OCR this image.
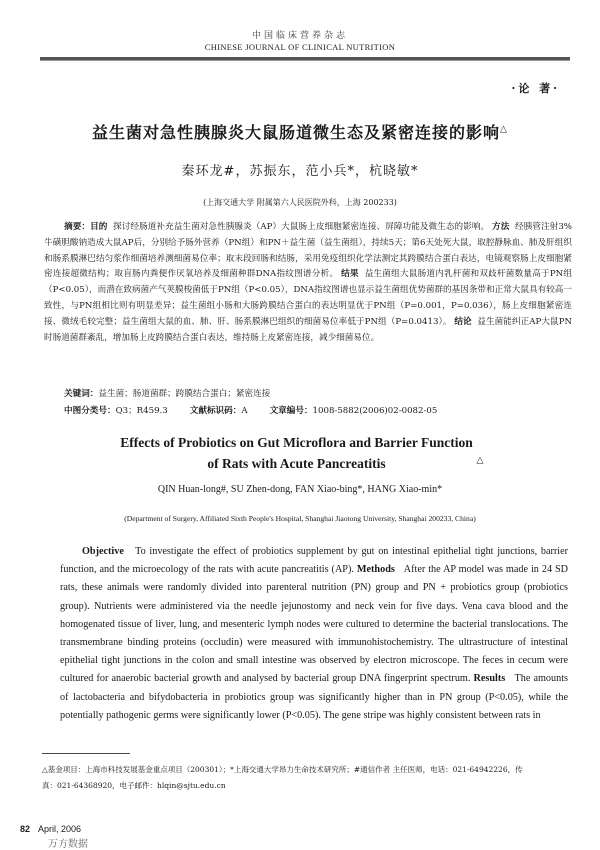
中国临床营养杂志
CHINESE JOURNAL OF CLINICAL NUTRITION
·论 著·
益生菌对急性胰腺炎大鼠肠道微生态及紧密连接的影响△
秦环龙#，苏振东，范小兵*，杭晓敏*
(上海交通大学 附属第六人民医院外科，上海 200233)
摘要：目的 探讨经肠道补充益生菌对急性胰腺炎（AP）大鼠肠上皮细胞紧密连接、屏障功能及微生态的影响。 方法 经胰管注射3%牛磺胆酸钠造成大鼠AP后，分别给予肠外营养（PN组）和PN＋益生菌（益生菌组），持续5天；第6天处死大鼠，取腔静脉血、肺及肝组织和肠系膜淋巴结匀浆作细菌培养测细菌易位率；取末段回肠和结肠，采用免疫组织化学法测定其跨膜结合蛋白表达，电镜观察肠上皮细胞紧密连接超微结构；取盲肠内粪便作厌氧培养及细菌种群DNA指纹图谱分析。 结果 益生菌组大鼠肠道内乳杆菌和双歧杆菌数量高于PN组（P<0.05），而潜在致病菌产气荚膜梭菌低于PN组（P<0.05），DNA指纹图谱也显示益生菌组优势菌群的基因条带和正常大鼠具有较高一致性，与PN组相比则有明显差异；益生菌组小肠和大肠跨膜结合蛋白的表达明显优于PN组（P=0.001，P=0.036），肠上皮细胞紧密连接、微绒毛较完整；益生菌组大鼠的血、肺、肝、肠系膜淋巴组织的细菌易位率低于PN组（P=0.0413）。 结论 益生菌能纠正AP大鼠PN时肠道菌群紊乱，增加肠上皮跨膜结合蛋白表达，维持肠上皮紧密连接，减少细菌易位。
关键词：益生菌；肠道菌群；跨膜结合蛋白；紧密连接
中图分类号：Q3；R459.3	文献标识码：A	文章编号：1008-5882(2006)02-0082-05
Effects of Probiotics on Gut Microflora and Barrier Function of Rats with Acute Pancreatitis	△
QIN Huan-long#, SU Zhen-dong, FAN Xiao-bing*, HANG Xiao-min*
(Department of Surgery, Affiliated Sixth People's Hospital, Shanghai Jiaotong University, Shanghai 200233, China)
Objective To investigate the effect of probiotics supplement by gut on intestinal epithelial tight junctions, barrier function, and the microecology of the rats with acute pancreatitis (AP). Methods After the AP model was made in 24 SD rats, these animals were randomly divided into parenteral nutrition (PN) group and PN + probiotics group (probiotics group). Nutrients were administered via the needle jejunostomy and neck vein for five days. Vena cava blood and the homogenated tissue of liver, lung, and mesenteric lymph nodes were cultured to determine the bacterial translocations. The transmembrane binding proteins (occludin) were measured with immunohistochemistry. The ultrastructure of intestinal epithelial tight junctions in the colon and small intestine was observed by electron microscope. The feces in cecum were cultured for anaerobic bacterial growth and analysed by bacterial group DNA fingerprint spectrum. Results The amounts of lactobacteria and bifydobacteria in probiotics group was significantly higher than in PN group (P<0.05), while the potentially pathogenic germs were significantly lower (P<0.05). The gene stripe was highly consistent between rats in
△基金项目：上海市科技发展基金重点项目（200301）；*上海交通大学昂力生命技术研究所；#通信作者 主任医师，电话：021-64942226，传
真：021-64368920，电子邮件：hlqin@sjtu.edu.cn
82 April, 2006
万方数据
